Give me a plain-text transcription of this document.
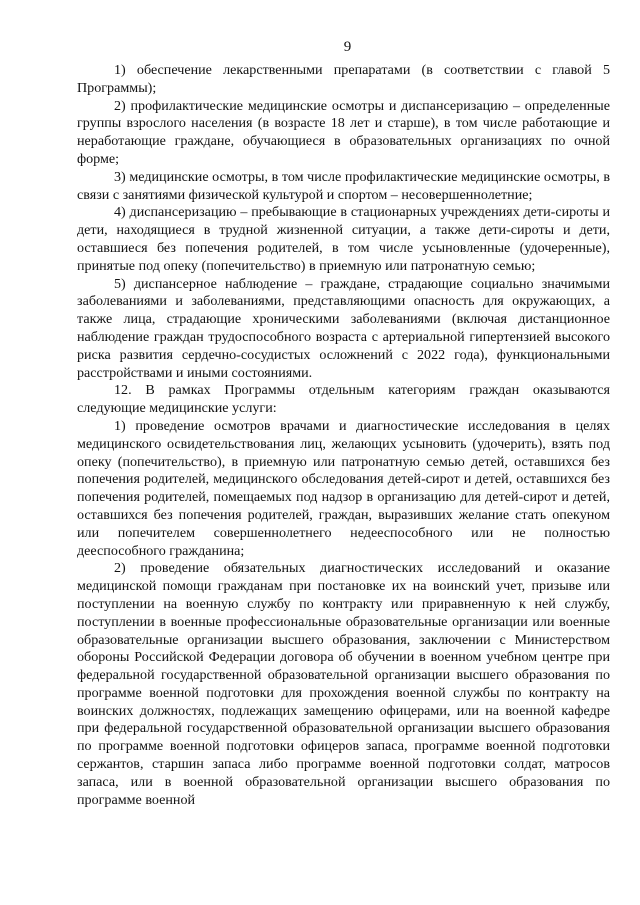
9

1) обеспечение лекарственными препаратами (в соответствии с главой 5 Программы);

2) профилактические медицинские осмотры и диспансеризацию – определенные группы взрослого населения (в возрасте 18 лет и старше), в том числе работающие и неработающие граждане, обучающиеся в образовательных организациях по очной форме;

3) медицинские осмотры, в том числе профилактические медицинские осмотры, в связи с занятиями физической культурой и спортом – несовершеннолетние;

4) диспансеризацию – пребывающие в стационарных учреждениях дети-сироты и дети, находящиеся в трудной жизненной ситуации, а также дети-сироты и дети, оставшиеся без попечения родителей, в том числе усыновленные (удочеренные), принятые под опеку (попечительство) в приемную или патронатную семью;

5) диспансерное наблюдение – граждане, страдающие социально значимыми заболеваниями и заболеваниями, представляющими опасность для окружающих, а также лица, страдающие хроническими заболеваниями (включая дистанционное наблюдение граждан трудоспособного возраста с артериальной гипертензией высокого риска развития сердечно-сосудистых осложнений с 2022 года), функциональными расстройствами и иными состояниями.

12. В рамках Программы отдельным категориям граждан оказываются следующие медицинские услуги:

1) проведение осмотров врачами и диагностические исследования в целях медицинского освидетельствования лиц, желающих усыновить (удочерить), взять под опеку (попечительство), в приемную или патронатную семью детей, оставшихся без попечения родителей, медицинского обследования детей-сирот и детей, оставшихся без попечения родителей, помещаемых под надзор в организацию для детей-сирот и детей, оставшихся без попечения родителей, граждан, выразивших желание стать опекуном или попечителем совершеннолетнего недееспособного или не полностью дееспособного гражданина;

2) проведение обязательных диагностических исследований и оказание медицинской помощи гражданам при постановке их на воинский учет, призыве или поступлении на военную службу по контракту или приравненную к ней службу, поступлении в военные профессиональные образовательные организации или военные образовательные организации высшего образования, заключении с Министерством обороны Российской Федерации договора об обучении в военном учебном центре при федеральной государственной образовательной организации высшего образования по программе военной подготовки для прохождения военной службы по контракту на воинских должностях, подлежащих замещению офицерами, или на военной кафедре при федеральной государственной образовательной организации высшего образования по программе военной подготовки офицеров запаса, программе военной подготовки сержантов, старшин запаса либо программе военной подготовки солдат, матросов запаса, или в военной образовательной организации высшего образования по программе военной
